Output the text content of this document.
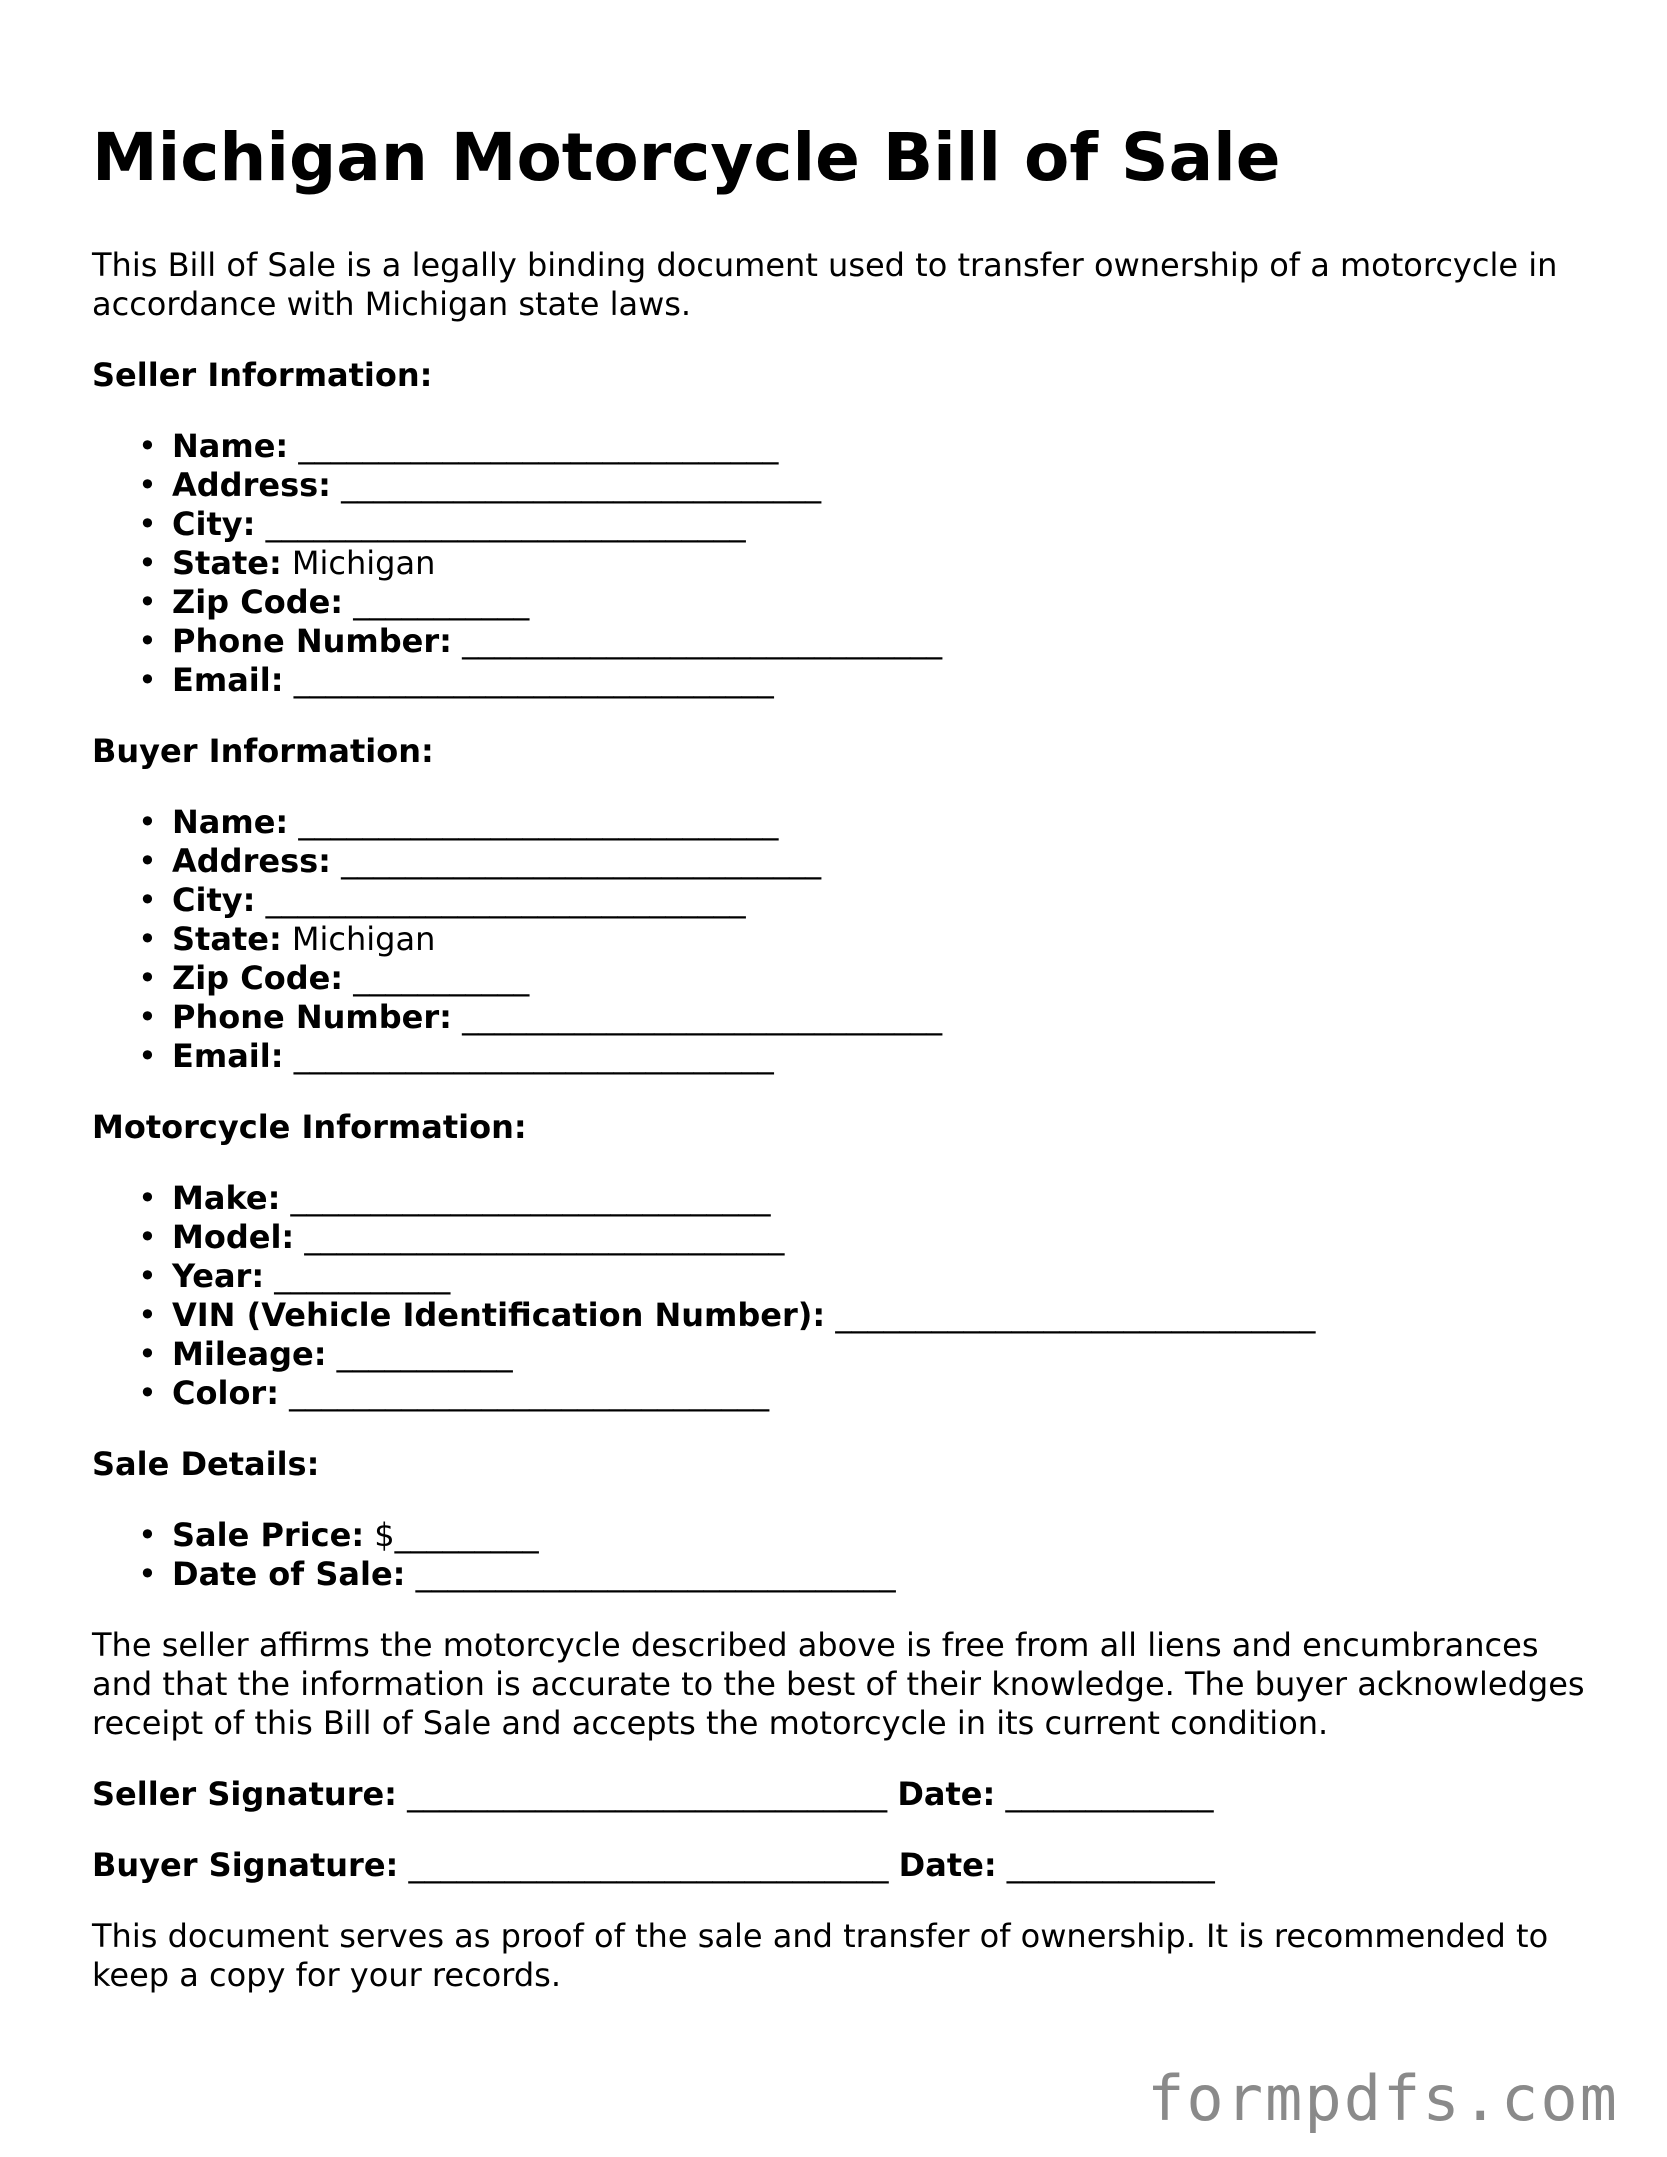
Michigan Motorcycle Bill of Sale

This Bill of Sale is a legally binding document used to transfer ownership of a motorcycle in accordance with Michigan state laws.

Seller Information:
• Name: ______________________________
• Address: ______________________________
• City: ______________________________
• State: Michigan
• Zip Code: ___________
• Phone Number: ______________________________
• Email: ______________________________
Buyer Information:
• Name: ______________________________
• Address: ______________________________
• City: ______________________________
• State: Michigan
• Zip Code: ___________
• Phone Number: ______________________________
• Email: ______________________________
Motorcycle Information:
• Make: ______________________________
• Model: ______________________________
• Year: ___________
• VIN (Vehicle Identification Number): ______________________________
• Mileage: ___________
• Color: ______________________________
Sale Details:
• Sale Price: $_________
• Date of Sale: ______________________________

The seller affirms the motorcycle described above is free from all liens and encumbrances and that the information is accurate to the best of their knowledge. The buyer acknowledges receipt of this Bill of Sale and accepts the motorcycle in its current condition.

Seller Signature: ______________________________ Date: _____________
Buyer Signature: ______________________________ Date: _____________

This document serves as proof of the sale and transfer of ownership. It is recommended to keep a copy for your records.

formpdfs.com
